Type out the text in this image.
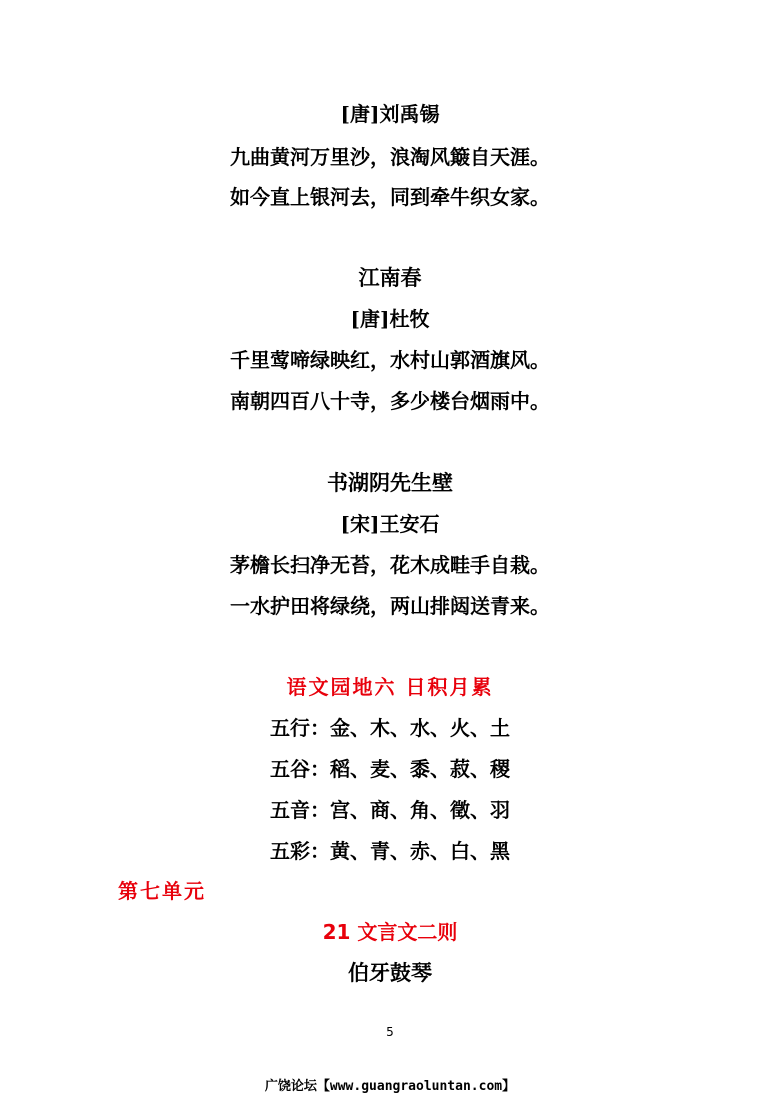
[唐]刘禹锡
九曲黄河万里沙，浪淘风簸自天涯。
如今直上银河去，同到牵牛织女家。
江南春
[唐]杜牧
千里莺啼绿映红，水村山郭酒旗风。
南朝四百八十寺，多少楼台烟雨中。
书湖阴先生壁
[宋]王安石
茅檐长扫净无苔，花木成畦手自栽。
一水护田将绿绕，两山排闼送青来。
语文园地六 日积月累
五行：金、木、水、火、土
五谷：稻、麦、黍、菽、稷
五音：宫、商、角、徵、羽
五彩：黄、青、赤、白、黑
第七单元
21 文言文二则
伯牙鼓琴
5
广饶论坛【www.guangraoluntan.com】
